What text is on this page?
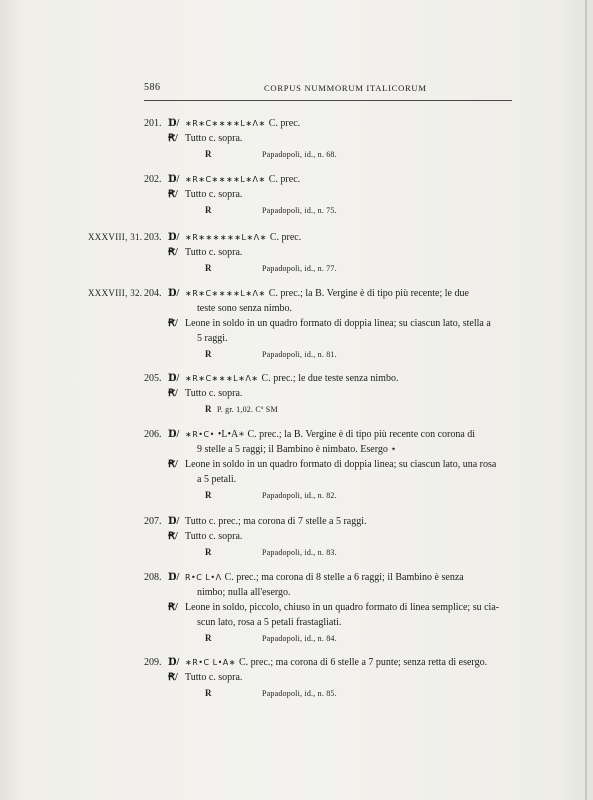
586	CORPUS NUMMORUM ITALICORUM
201. Ɒ/ ∗R∗C∗∗∗∗L∗Λ∗ C. prec.
Ꞧ/ Tutto c. sopra.
R	Papadopoli, id., n. 68.
202. Ɒ/ ∗R∗C∗∗∗∗L∗Λ∗ C. prec.
Ꞧ/ Tutto c. sopra.
R	Papadopoli, id., n. 75.
XXXVIII, 31. 203. Ɒ/ ∗R∗∗∗∗∗∗L∗Λ∗ C. prec.
Ꞧ/ Tutto c. sopra.
R	Papadopoli, id., n. 77.
XXXVIII, 32. 204. Ɒ/ ∗R∗C∗∗∗∗L∗Λ∗ C. prec.; la B. Vergine è di tipo più recente; le due
teste sono senza nimbo.
Ꞧ/ Leone in soldo in un quadro formato di doppia linea; su ciascun lato, stella a
5 raggi.
R	Papadopoli, id., n. 81.
205. Ɒ/ ∗R∗C∗∗∗L∗Λ∗ C. prec.; le due teste senza nimbo.
Ꞧ/ Tutto c. sopra.
R P. gr. 1,02. Cº SM
206. Ɒ/ ∗R•C• •L•A∗ C. prec.; la B. Vergine è di tipo più recente con corona di
9 stelle a 5 raggi; il Bambino è nimbato. Esergo ⋆
Ꞧ/ Leone in soldo in un quadro formato di doppia linea; su ciascun lato, una rosa
a 5 petali.
R	Papadopoli, id., n. 82.
207. Ɒ/ Tutto c. prec.; ma corona di 7 stelle a 5 raggi.
Ꞧ/ Tutto c. sopra.
R	Papadopoli, id., n. 83.
208. Ɒ/ R•C L•Λ C. prec.; ma corona di 8 stelle a 6 raggi; il Bambino è senza
nimbo; nulla all'esergo.
Ꞧ/ Leone in soldo, piccolo, chiuso in un quadro formato di linea semplice; su cia-
scun lato, rosa a 5 petali frastagliati.
R	Papadopoli, id., n. 84.
209. Ɒ/ ∗R•C L•A∗ C. prec.; ma corona di 6 stelle a 7 punte; senza retta di esergo.
Ꞧ/ Tutto c. sopra.
R	Papadopoli, id., n. 85.
